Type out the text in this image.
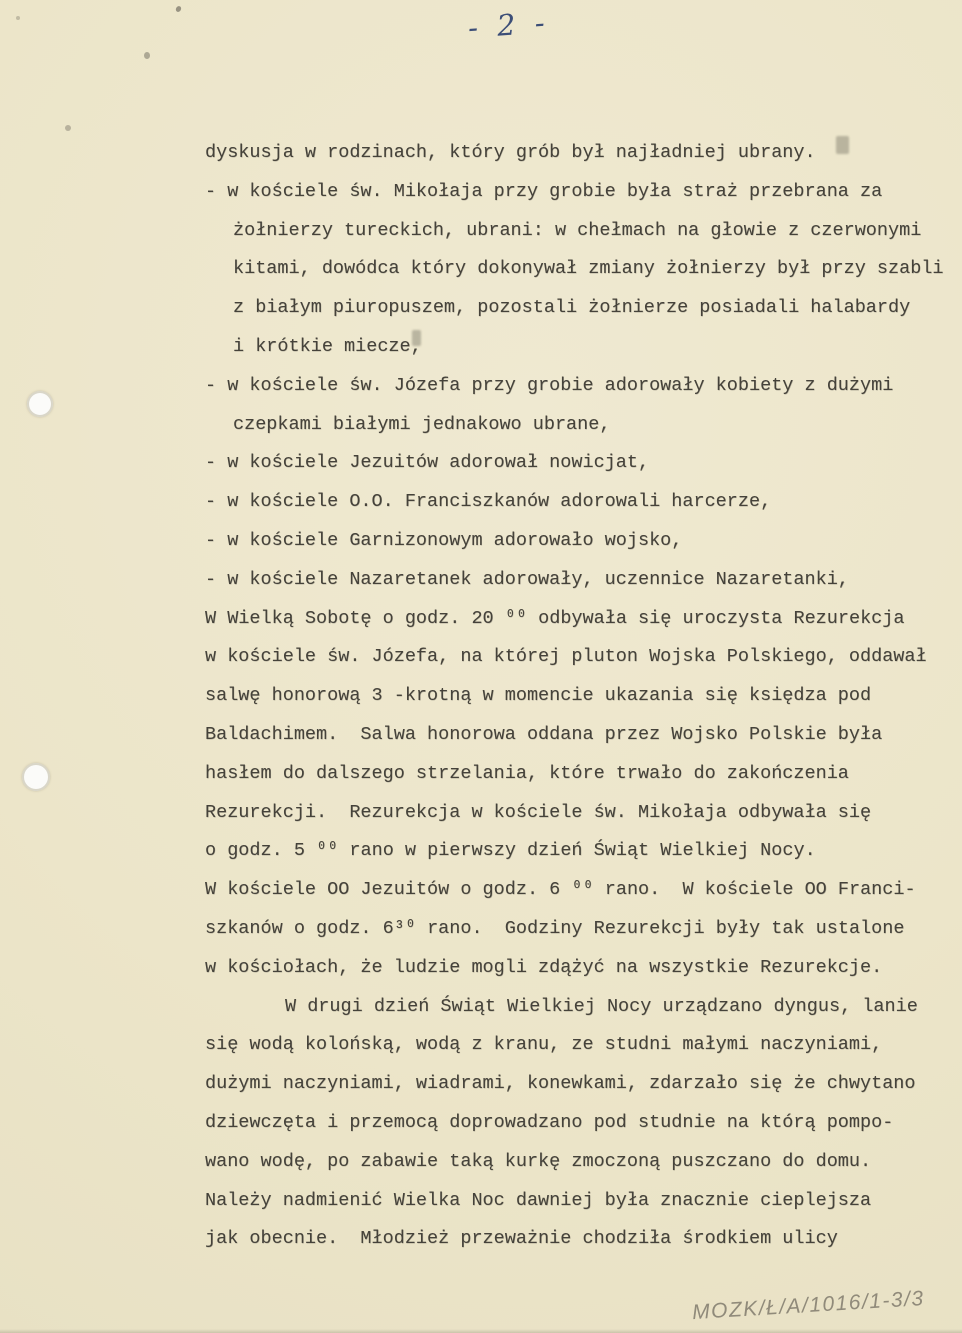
- 2 -
dyskusja w rodzinach, który grób był najładniej ubrany.
- w kościele św. Mikołaja przy grobie była straż przebrana za
żołnierzy tureckich, ubrani: w chełmach na głowie z czerwonymi
kitami, dowódca który dokonywał zmiany żołnierzy był przy szabli
z białym piuropuszem, pozostali żołnierze posiadali halabardy
i krótkie miecze,
- w kościele św. Józefa przy grobie adorowały kobiety z dużymi
czepkami białymi jednakowo ubrane,
- w kościele Jezuitów adorował nowicjat,
- w kościele O.O. Franciszkanów adorowali harcerze,
- w kościele Garnizonowym adorowało wojsko,
- w kościele Nazaretanek adorowały, uczennice Nazaretanki,
W Wielką Sobotę o godz. 20 ⁰⁰ odbywała się uroczysta Rezurekcja
w kościele św. Józefa, na której pluton Wojska Polskiego, oddawał
salwę honorową 3 -krotną w momencie ukazania się księdza pod
Baldachimem.  Salwa honorowa oddana przez Wojsko Polskie była
hasłem do dalszego strzelania, które trwało do zakończenia
Rezurekcji.  Rezurekcja w kościele św. Mikołaja odbywała się
o godz. 5 ⁰⁰ rano w pierwszy dzień Świąt Wielkiej Nocy.
W kościele OO Jezuitów o godz. 6 ⁰⁰ rano.  W kościele OO Franci-
szkanów o godz. 6³⁰ rano.  Godziny Rezurekcji były tak ustalone
w kościołach, że ludzie mogli zdążyć na wszystkie Rezurekcje.
W drugi dzień Świąt Wielkiej Nocy urządzano dyngus, lanie
się wodą kolońską, wodą z kranu, ze studni małymi naczyniami,
dużymi naczyniami, wiadrami, konewkami, zdarzało się że chwytano
dziewczęta i przemocą doprowadzano pod studnie na którą pompo-
wano wodę, po zabawie taką kurkę zmoczoną puszczano do domu.
Należy nadmienić Wielka Noc dawniej była znacznie cieplejsza
jak obecnie.  Młodzież przeważnie chodziła środkiem ulicy
MOZK/Ł/A/1016/1-3/3
